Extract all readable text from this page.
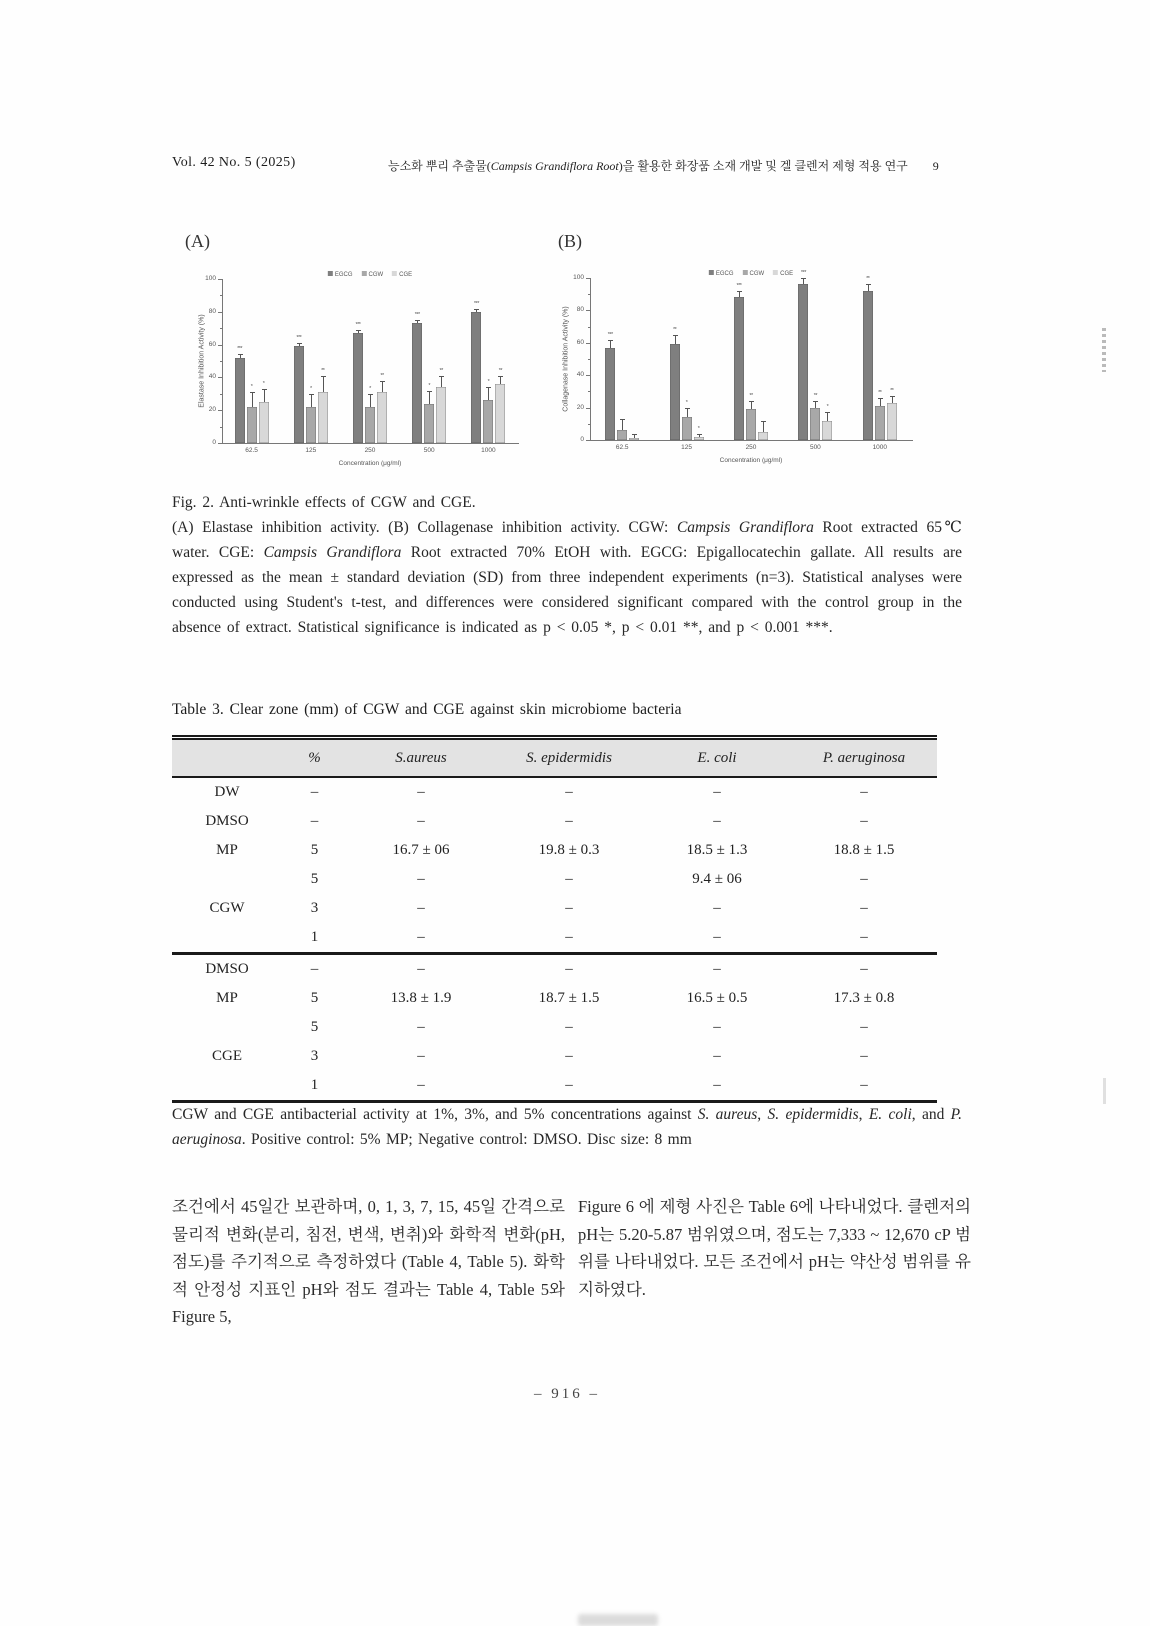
Vol. 42 No. 5 (2025)	능소화 뿌리 추출물(Campsis Grandiflora Root)을 활용한 화장품 소재 개발 및 겔 클렌저 제형 적용 연구 9
(A)	(B)
Elastase Inhibition Activity (%)
0
20
40
60
80
100
***
*
*
62.5
***
*
**
125
***
*
**
250
***
*
**
500
***
*
**
1000
Concentration (μg/ml)
EGCG	CGW	CGE
Collagenase Inhibition Activity (%)
0
20
40
60
80
100
***
62.5
**
*
*
125
***
**
250
***
**
*
500
**
**	**
1000
Concentration (μg/ml)
EGCG	CGW	CGE
Fig. 2. Anti-wrinkle effects of CGW and CGE.
(A) Elastase inhibition activity. (B) Collagenase inhibition activity. CGW: Campsis Grandiflora Root extracted 65℃ water. CGE: Campsis Grandiflora Root extracted 70% EtOH with. EGCG: Epigallocatechin gallate. All results are expressed as the mean ± standard deviation (SD) from three independent experiments (n=3). Statistical analyses were conducted using Student's t-test, and differences were considered significant compared with the control group in the absence of extract. Statistical significance is indicated as p < 0.05 *, p < 0.01 **, and p < 0.001 ***.
Table 3. Clear zone (mm) of CGW and CGE against skin microbiome bacteria
	%	S.aureus	S. epidermidis	E. coli	P. aeruginosa
DW	–	–	–	–	–
DMSO	–	–	–	–	–
MP	5	16.7 ± 06	19.8 ± 0.3	18.5 ± 1.3	18.8 ± 1.5
	5	–	–	9.4 ± 06	–
CGW	3	–	–	–	–
	1	–	–	–	–
DMSO	–	–	–	–	–
MP	5	13.8 ± 1.9	18.7 ± 1.5	16.5 ± 0.5	17.3 ± 0.8
	5	–	–	–	–
CGE	3	–	–	–	–
	1	–	–	–	–
CGW and CGE antibacterial activity at 1%, 3%, and 5% concentrations against S. aureus, S. epidermidis, E. coli, and P. aeruginosa. Positive control: 5% MP; Negative control: DMSO. Disc size: 8 mm
조건에서 45일간 보관하며, 0, 1, 3, 7, 15, 45일 간격으로 물리적 변화(분리, 침전, 변색, 변취)와 화학적 변화(pH, 점도)를 주기적으로 측정하였다 (Table 4, Table 5). 화학적 안정성 지표인 pH와 점도 결과는 Table 4, Table 5와 Figure 5,
Figure 6 에 제형 사진은 Table 6에 나타내었다. 클렌저의 pH는 5.20-5.87 범위였으며, 점도는 7,333 ~ 12,670 cP 범위를 나타내었다. 모든 조건에서 pH는 약산성 범위를 유지하였다.
– 916 –
